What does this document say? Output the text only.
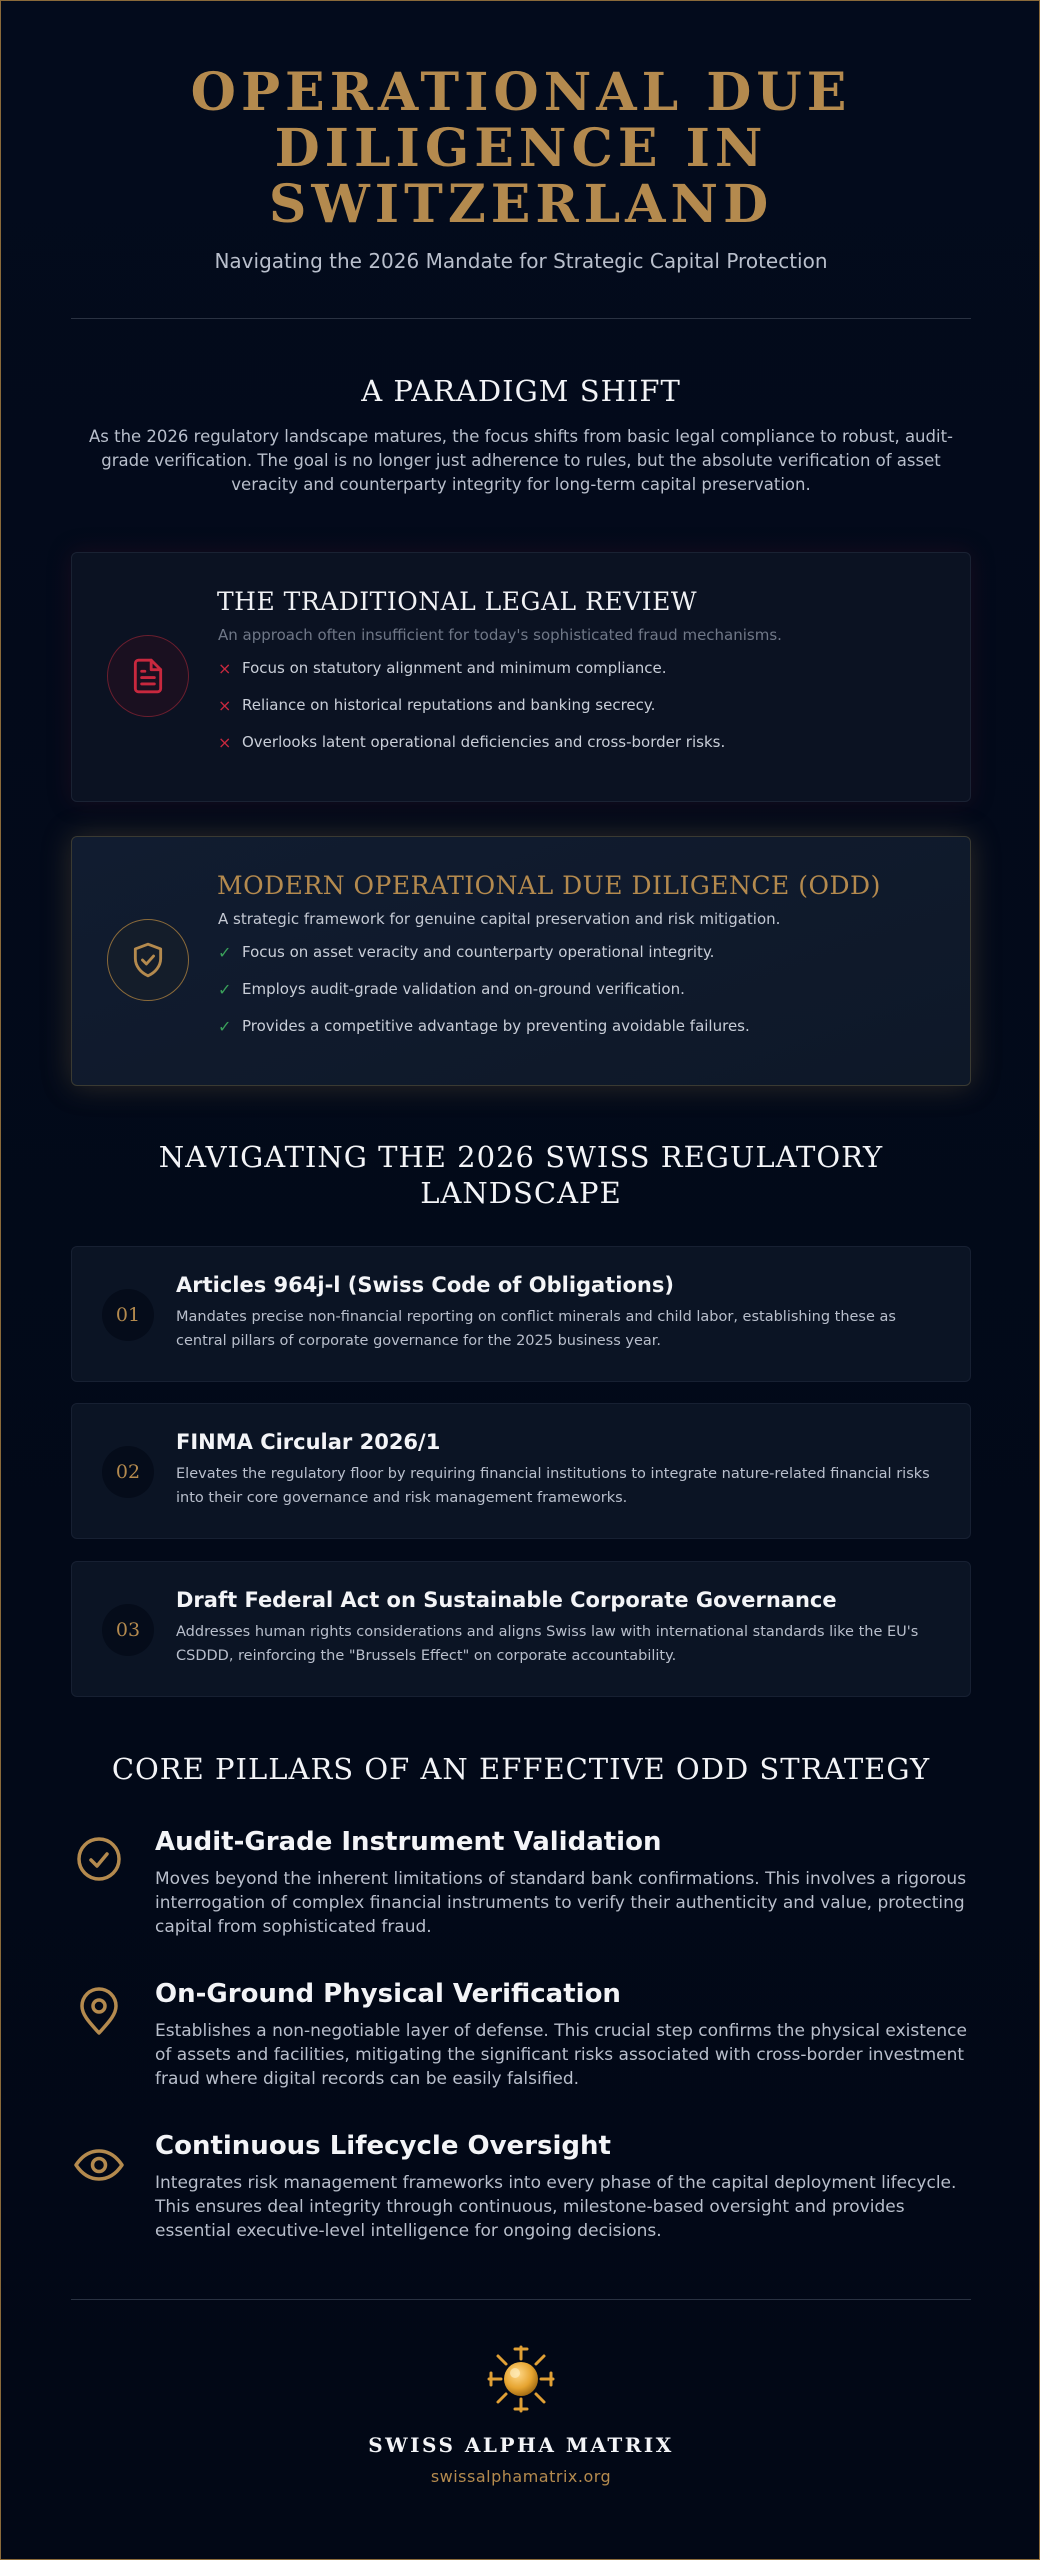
OPERATIONAL DUE DILIGENCE IN SWITZERLAND
Navigating the 2026 Mandate for Strategic Capital Protection
A PARADIGM SHIFT
As the 2026 regulatory landscape matures, the focus shifts from basic legal compliance to robust, audit-grade verification. The goal is no longer just adherence to rules, but the absolute verification of asset veracity and counterparty integrity for long-term capital preservation.
THE TRADITIONAL LEGAL REVIEW
An approach often insufficient for today's sophisticated fraud mechanisms.
× Focus on statutory alignment and minimum compliance.
× Reliance on historical reputations and banking secrecy.
× Overlooks latent operational deficiencies and cross-border risks.
MODERN OPERATIONAL DUE DILIGENCE (ODD)
A strategic framework for genuine capital preservation and risk mitigation.
✓ Focus on asset veracity and counterparty operational integrity.
✓ Employs audit-grade validation and on-ground verification.
✓ Provides a competitive advantage by preventing avoidable failures.
NAVIGATING THE 2026 SWISS REGULATORY LANDSCAPE
01
Articles 964j-l (Swiss Code of Obligations)
Mandates precise non-financial reporting on conflict minerals and child labor, establishing these as central pillars of corporate governance for the 2025 business year.
02
FINMA Circular 2026/1
Elevates the regulatory floor by requiring financial institutions to integrate nature-related financial risks into their core governance and risk management frameworks.
03
Draft Federal Act on Sustainable Corporate Governance
Addresses human rights considerations and aligns Swiss law with international standards like the EU's CSDDD, reinforcing the "Brussels Effect" on corporate accountability.
CORE PILLARS OF AN EFFECTIVE ODD STRATEGY
Audit-Grade Instrument Validation
Moves beyond the inherent limitations of standard bank confirmations. This involves a rigorous interrogation of complex financial instruments to verify their authenticity and value, protecting capital from sophisticated fraud.
On-Ground Physical Verification
Establishes a non-negotiable layer of defense. This crucial step confirms the physical existence of assets and facilities, mitigating the significant risks associated with cross-border investment fraud where digital records can be easily falsified.
Continuous Lifecycle Oversight
Integrates risk management frameworks into every phase of the capital deployment lifecycle. This ensures deal integrity through continuous, milestone-based oversight and provides essential executive-level intelligence for ongoing decisions.
SWISS ALPHA MATRIX
swissalphamatrix.org
